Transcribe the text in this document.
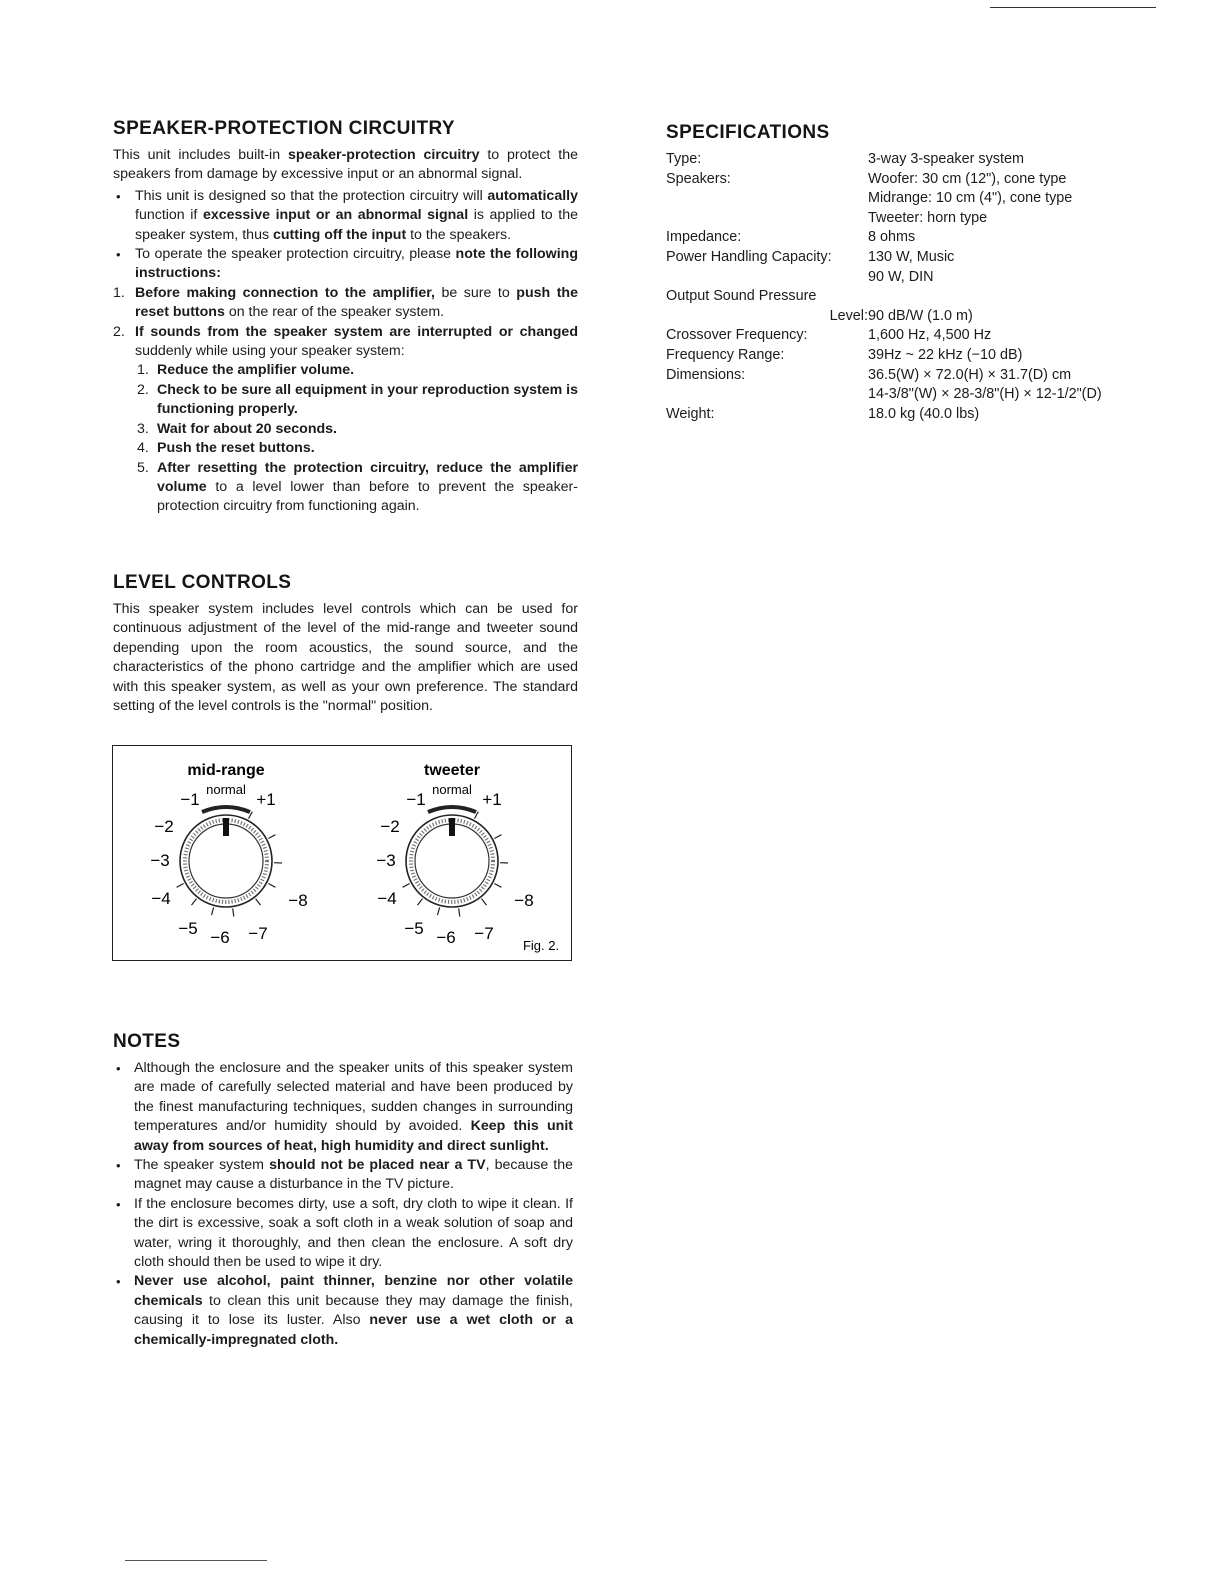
SPEAKER-PROTECTION CIRCUITRY

This unit includes built-in speaker-protection circuitry to protect the speakers from damage by excessive input or an abnormal signal.

• This unit is designed so that the protection circuitry will automatically function if excessive input or an abnormal signal is applied to the speaker system, thus cutting off the input to the speakers.
• To operate the speaker protection circuitry, please note the following instructions:
1. Before making connection to the amplifier, be sure to push the reset buttons on the rear of the speaker system.
2. If sounds from the speaker system are interrupted or changed suddenly while using your speaker system:
1. Reduce the amplifier volume.
2. Check to be sure all equipment in your reproduction system is functioning properly.
3. Wait for about 20 seconds.
4. Push the reset buttons.
5. After resetting the protection circuitry, reduce the amplifier volume to a level lower than before to prevent the speaker-protection circuitry from functioning again.
LEVEL CONTROLS

This speaker system includes level controls which can be used for continuous adjustment of the level of the mid-range and tweeter sound depending upon the room acoustics, the sound source, and the characteristics of the phono cartridge and the amplifier which are used with this speaker system, as well as your own preference. The standard setting of the level controls is the "normal" position.

mid-range
normal
+1
−1
−2
−3
−4
−5 −6 −7
−8
tweeter
normal
+1
−1
−2
−3
−4
−5 −6 −7
−8
Fig. 2.
NOTES
• Although the enclosure and the speaker units of this speaker system are made of carefully selected material and have been produced by the finest manufacturing techniques, sudden changes in surrounding temperatures and/or humidity should by avoided. Keep this unit away from sources of heat, high humidity and direct sunlight.
• The speaker system should not be placed near a TV, because the magnet may cause a disturbance in the TV picture.
• If the enclosure becomes dirty, use a soft, dry cloth to wipe it clean. If the dirt is excessive, soak a soft cloth in a weak solution of soap and water, wring it thoroughly, and then clean the enclosure. A soft dry cloth should then be used to wipe it dry.
• Never use alcohol, paint thinner, benzine nor other volatile chemicals to clean this unit because they may damage the finish, causing it to lose its luster. Also never use a wet cloth or a chemically-impregnated cloth.
SPECIFICATIONS
Type:	3-way 3-speaker system
Speakers:	Woofer: 30 cm (12"), cone type
Midrange: 10 cm (4"), cone type
Tweeter: horn type
Impedance:	8 ohms
Power Handling Capacity:	130 W, Music
90 W, DIN
Output Sound Pressure
Level: 90 dB/W (1.0 m)
Crossover Frequency:	1,600 Hz, 4,500 Hz
Frequency Range:	39Hz ~ 22 kHz (−10 dB)
Dimensions:	36.5(W) × 72.0(H) × 31.7(D) cm
14-3/8"(W) × 28-3/8"(H) × 12-1/2"(D)
Weight:	18.0 kg (40.0 lbs)
